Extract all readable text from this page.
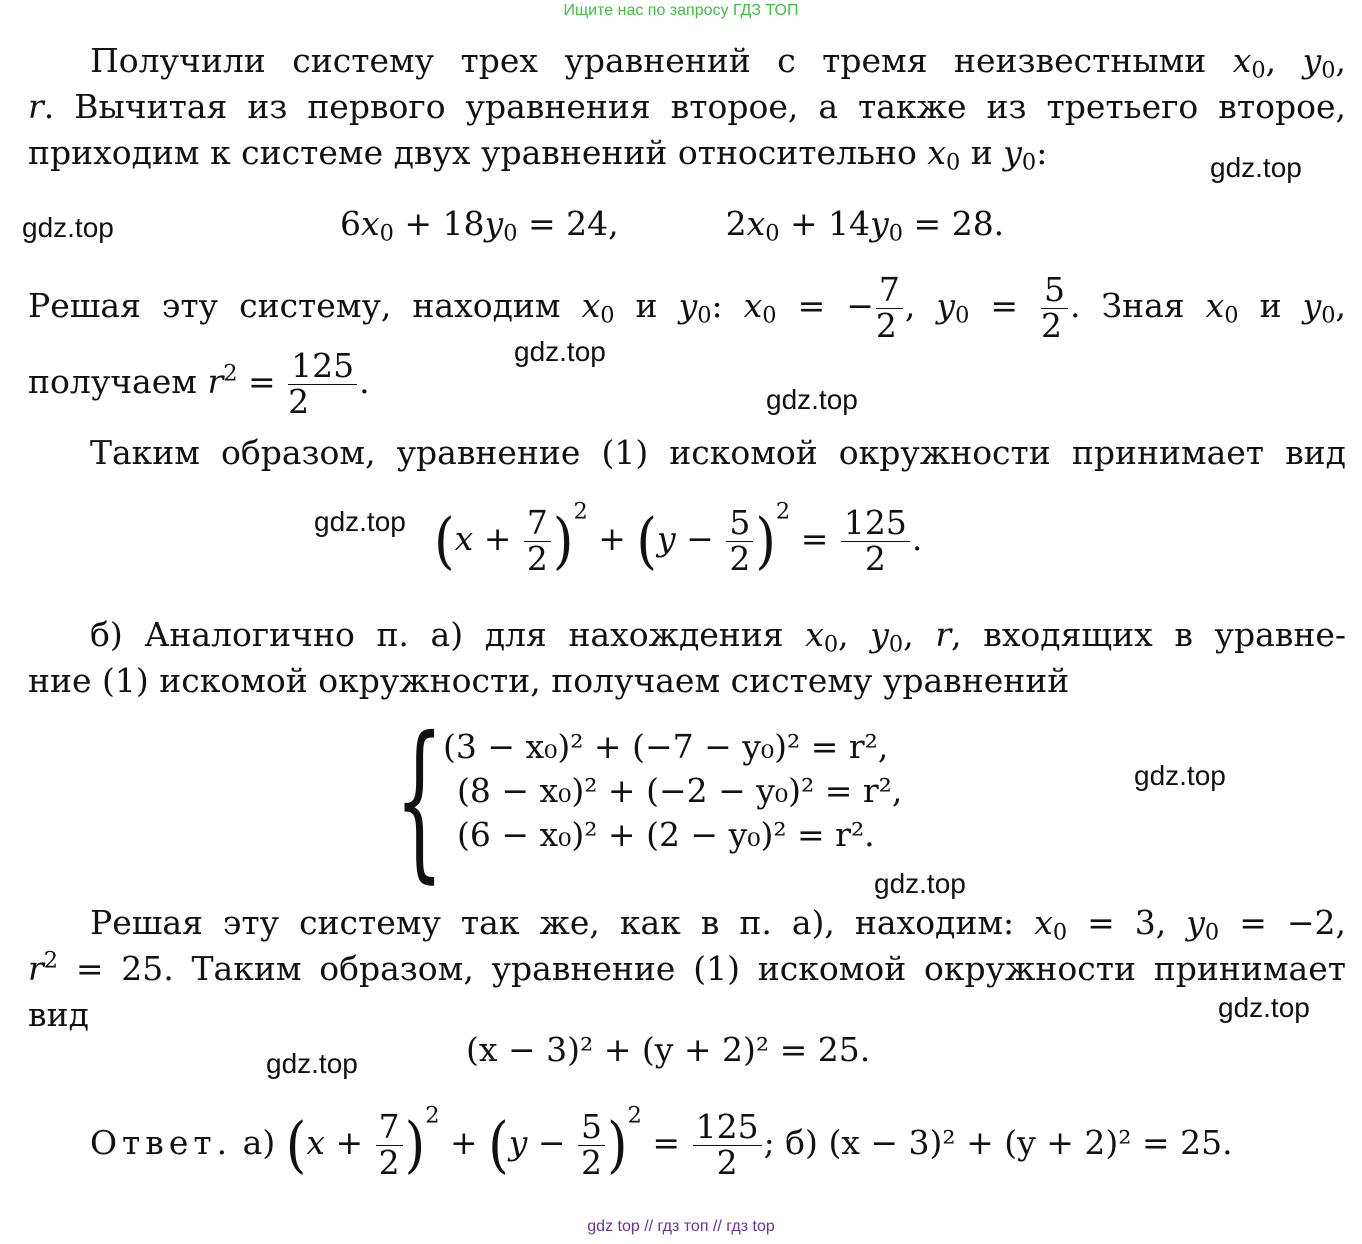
Ищите нас по запросу ГДЗ ТОП
gdz.top
gdz.top
gdz.top
gdz.top
gdz.top
gdz.top
gdz.top
gdz.top
gdz.top

Получили систему трех уравнений с тремя неизвестными $x_0$, $y_0$,

r. Вычитая из первого уравнения второе, а также из третьего второе,

приходим к системе двух уравнений относительно $x_0$ и $y_0$:

$6x_0 + 18y_0 = 24$,	$2x_0 + 14y_0 = 28$.

Решая эту систему, находим $x_0$ и $y_0$: $x_0$ = − $\frac{7}{2}$ , $y_0 = \frac{5}{2}$ . Зная $x_0$ и $y_0$,

получаем $r^2 = \frac{125}{2}$ .

Таким образом, уравнение (1) искомой окружности принимает вид

$(x + \frac{7}{2} )^2 + (y - \frac{5}{2} )^2 = \frac{125}{2}$ .

б) Аналогично п. а) для нахождения $x_0$, $y_0$, r, входящих в уравне-

ние (1) искомой окружности, получаем систему уравнений

{ (3 − x₀)² + (−7 − y₀)² = r²,
(8 − x₀)² + (−2 − y₀)² = r²,
(6 − x₀)² + (2 − y₀)² = r².

Решая эту систему так же, как в п. а), находим: $x_0 = 3$, $y_0 = -2$,

$r^2 = 25$. Таким образом, уравнение (1) искомой окружности принимает

вид

(x − 3)² + (y + 2)² = 25.
Ответ. а) $(x + \frac{7}{2} )^2 + (y - \frac{5}{2} )^2 = \frac{125}{2}$ ; б) (x − 3)² + (y + 2)² = 25.
gdz top // гдз топ // гдз top
